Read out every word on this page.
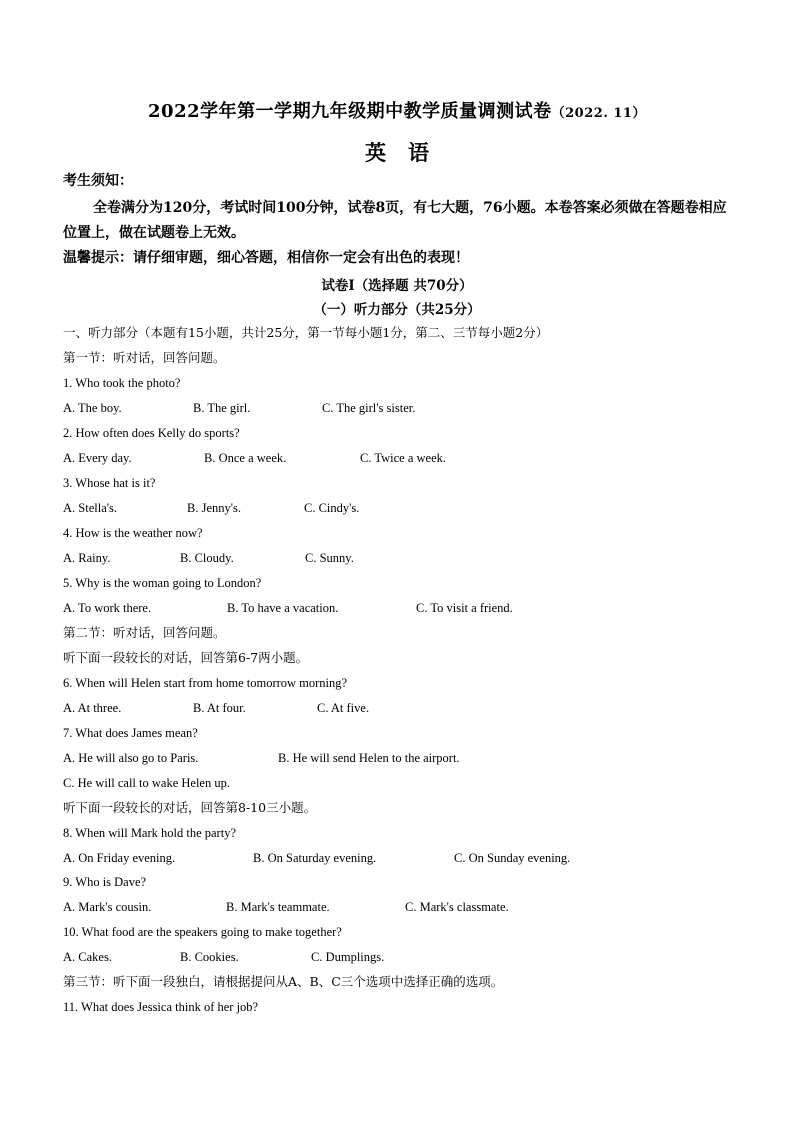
2022学年第一学期九年级期中教学质量调测试卷（2022. 11）
英语
考生须知：
全卷满分为120分，考试时间100分钟，试卷8页，有七大题，76小题。本卷答案必须做在答题卷相应位置上，做在试题卷上无效。
温馨提示：请仔细审题，细心答题，相信你一定会有出色的表现！
试卷Ⅰ（选择题 共70分）
（一）听力部分（共25分）
一、听力部分（本题有15小题，共计25分，第一节每小题1分，第二、三节每小题2分）
第一节：听对话，回答问题。
1. Who took the photo?
A. The boy.	B. The girl.	C. The girl's sister.
2. How often does Kelly do sports?
A. Every day.	B. Once a week.	C. Twice a week.
3. Whose hat is it?
A. Stella's.	B. Jenny's.	C. Cindy's.
4. How is the weather now?
A. Rainy.	B. Cloudy.	C. Sunny.
5. Why is the woman going to London?
A. To work there.	B. To have a vacation.	C. To visit a friend.
第二节：听对话，回答问题。
听下面一段较长的对话，回答第6-7两小题。
6. When will Helen start from home tomorrow morning?
A. At three.	B. At four.	C. At five.
7. What does James mean?
A. He will also go to Paris.	B. He will send Helen to the airport.
C. He will call to wake Helen up.
听下面一段较长的对话，回答第8-10三小题。
8. When will Mark hold the party?
A. On Friday evening.	B. On Saturday evening.	C. On Sunday evening.
9. Who is Dave?
A. Mark's cousin.	B. Mark's teammate.	C. Mark's classmate.
10. What food are the speakers going to make together?
A. Cakes.	B. Cookies.	C. Dumplings.
第三节：听下面一段独白，请根据提问从A、B、C三个选项中选择正确的选项。
11. What does Jessica think of her job?
